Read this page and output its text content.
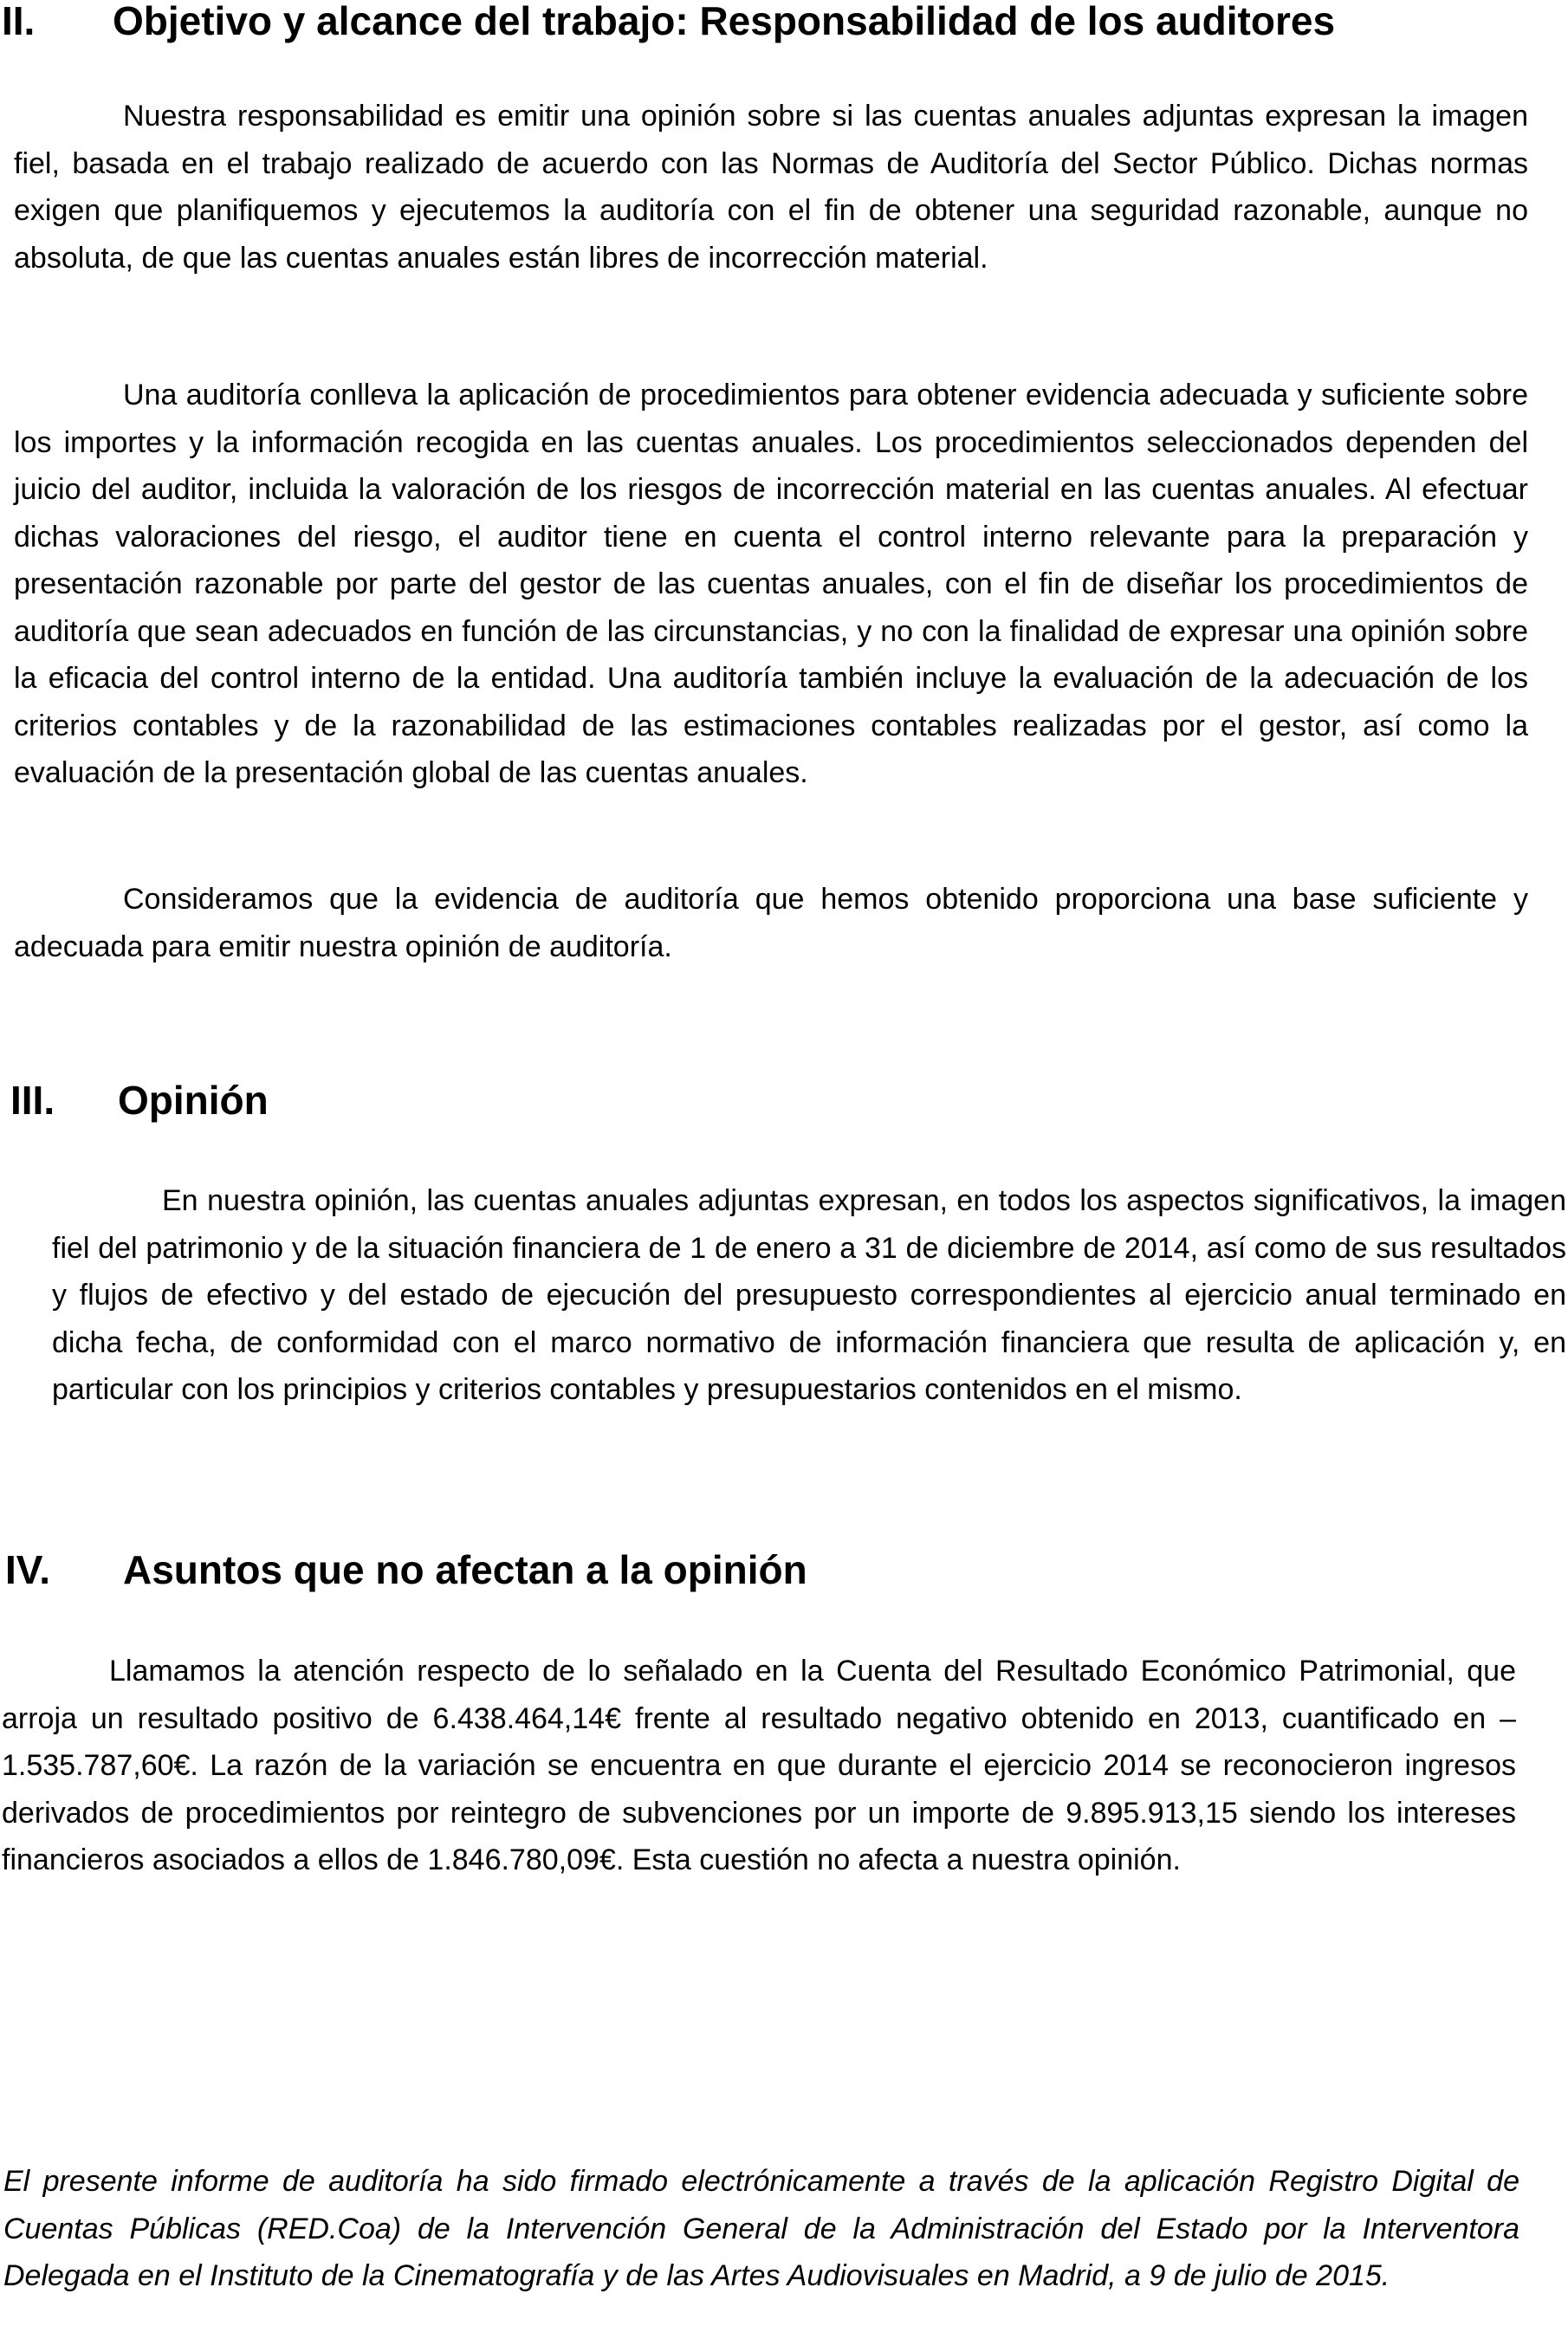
II. Objetivo y alcance del trabajo: Responsabilidad de los auditores

Nuestra responsabilidad es emitir una opinión sobre si las cuentas anuales adjuntas expresan la imagen fiel, basada en el trabajo realizado de acuerdo con las Normas de Auditoría del Sector Público. Dichas normas exigen que planifiquemos y ejecutemos la auditoría con el fin de obtener una seguridad razonable, aunque no absoluta, de que las cuentas anuales están libres de incorrección material.

Una auditoría conlleva la aplicación de procedimientos para obtener evidencia adecuada y suficiente sobre los importes y la información recogida en las cuentas anuales. Los procedimientos seleccionados dependen del juicio del auditor, incluida la valoración de los riesgos de incorrección material en las cuentas anuales. Al efectuar dichas valoraciones del riesgo, el auditor tiene en cuenta el control interno relevante para la preparación y presentación razonable por parte del gestor de las cuentas anuales, con el fin de diseñar los procedimientos de auditoría que sean adecuados en función de las circunstancias, y no con la finalidad de expresar una opinión sobre la eficacia del control interno de la entidad. Una auditoría también incluye la evaluación de la adecuación de los criterios contables y de la razonabilidad de las estimaciones contables realizadas por el gestor, así como la evaluación de la presentación global de las cuentas anuales.

Consideramos que la evidencia de auditoría que hemos obtenido proporciona una base suficiente y adecuada para emitir nuestra opinión de auditoría.

III. Opinión

En nuestra opinión, las cuentas anuales adjuntas expresan, en todos los aspectos significativos, la imagen fiel del patrimonio y de la situación financiera de 1 de enero a 31 de diciembre de 2014, así como de sus resultados y flujos de efectivo y del estado de ejecución del presupuesto correspondientes al ejercicio anual terminado en dicha fecha, de conformidad con el marco normativo de información financiera que resulta de aplicación y, en particular con los principios y criterios contables y presupuestarios contenidos en el mismo.

IV. Asuntos que no afectan a la opinión

Llamamos la atención respecto de lo señalado en la Cuenta del Resultado Económico Patrimonial, que arroja un resultado positivo de 6.438.464,14€ frente al resultado negativo obtenido en 2013, cuantificado en –1.535.787,60€. La razón de la variación se encuentra en que durante el ejercicio 2014 se reconocieron ingresos derivados de procedimientos por reintegro de subvenciones por un importe de 9.895.913,15 siendo los intereses financieros asociados a ellos de 1.846.780,09€. Esta cuestión no afecta a nuestra opinión.

El presente informe de auditoría ha sido firmado electrónicamente a través de la aplicación Registro Digital de Cuentas Públicas (RED.Coa) de la Intervención General de la Administración del Estado por la Interventora Delegada en el Instituto de la Cinematografía y de las Artes Audiovisuales en Madrid, a 9 de julio de 2015.
